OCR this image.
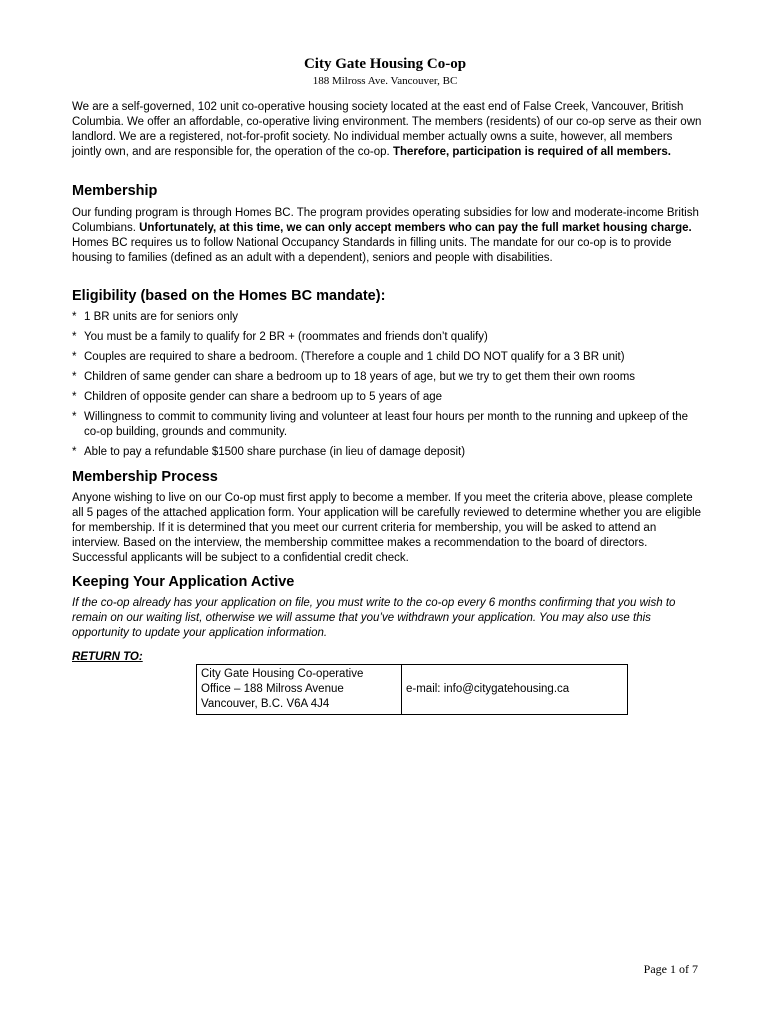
City Gate Housing Co-op
188 Milross Ave. Vancouver, BC

We are a self-governed, 102 unit co-operative housing society located at the east end of False Creek, Vancouver, British Columbia. We offer an affordable, co-operative living environment. The members (residents) of our co-op serve as their own landlord. We are a registered, not-for-profit society. No individual member actually owns a suite, however, all members jointly own, and are responsible for, the operation of the co-op. Therefore, participation is required of all members.

Membership

Our funding program is through Homes BC. The program provides operating subsidies for low and moderate-income British Columbians. Unfortunately, at this time, we can only accept members who can pay the full market housing charge. Homes BC requires us to follow National Occupancy Standards in filling units. The mandate for our co-op is to provide housing to families (defined as an adult with a dependent), seniors and people with disabilities.

Eligibility (based on the Homes BC mandate):
* 1 BR units are for seniors only
* You must be a family to qualify for 2 BR + (roommates and friends don’t qualify)
* Couples are required to share a bedroom. (Therefore a couple and 1 child DO NOT qualify for a 3 BR unit)
* Children of same gender can share a bedroom up to 18 years of age, but we try to get them their own rooms
* Children of opposite gender can share a bedroom up to 5 years of age
* Willingness to commit to community living and volunteer at least four hours per month to the running and upkeep of the co-op building, grounds and community.
* Able to pay a refundable $1500 share purchase (in lieu of damage deposit)
Membership Process

Anyone wishing to live on our Co-op must first apply to become a member. If you meet the criteria above, please complete all 5 pages of the attached application form. Your application will be carefully reviewed to determine whether you are eligible for membership. If it is determined that you meet our current criteria for membership, you will be asked to attend an interview. Based on the interview, the membership committee makes a recommendation to the board of directors. Successful applicants will be subject to a confidential credit check.

Keeping Your Application Active

If the co-op already has your application on file, you must write to the co-op every 6 months confirming that you wish to remain on our waiting list, otherwise we will assume that you’ve withdrawn your application. You may also use this opportunity to update your application information.

RETURN TO:
City Gate Housing Co-operative
Office – 188 Milross Avenue
Vancouver, B.C. V6A 4J4
	e-mail: info@citygatehousing.ca
Page 1 of 7
